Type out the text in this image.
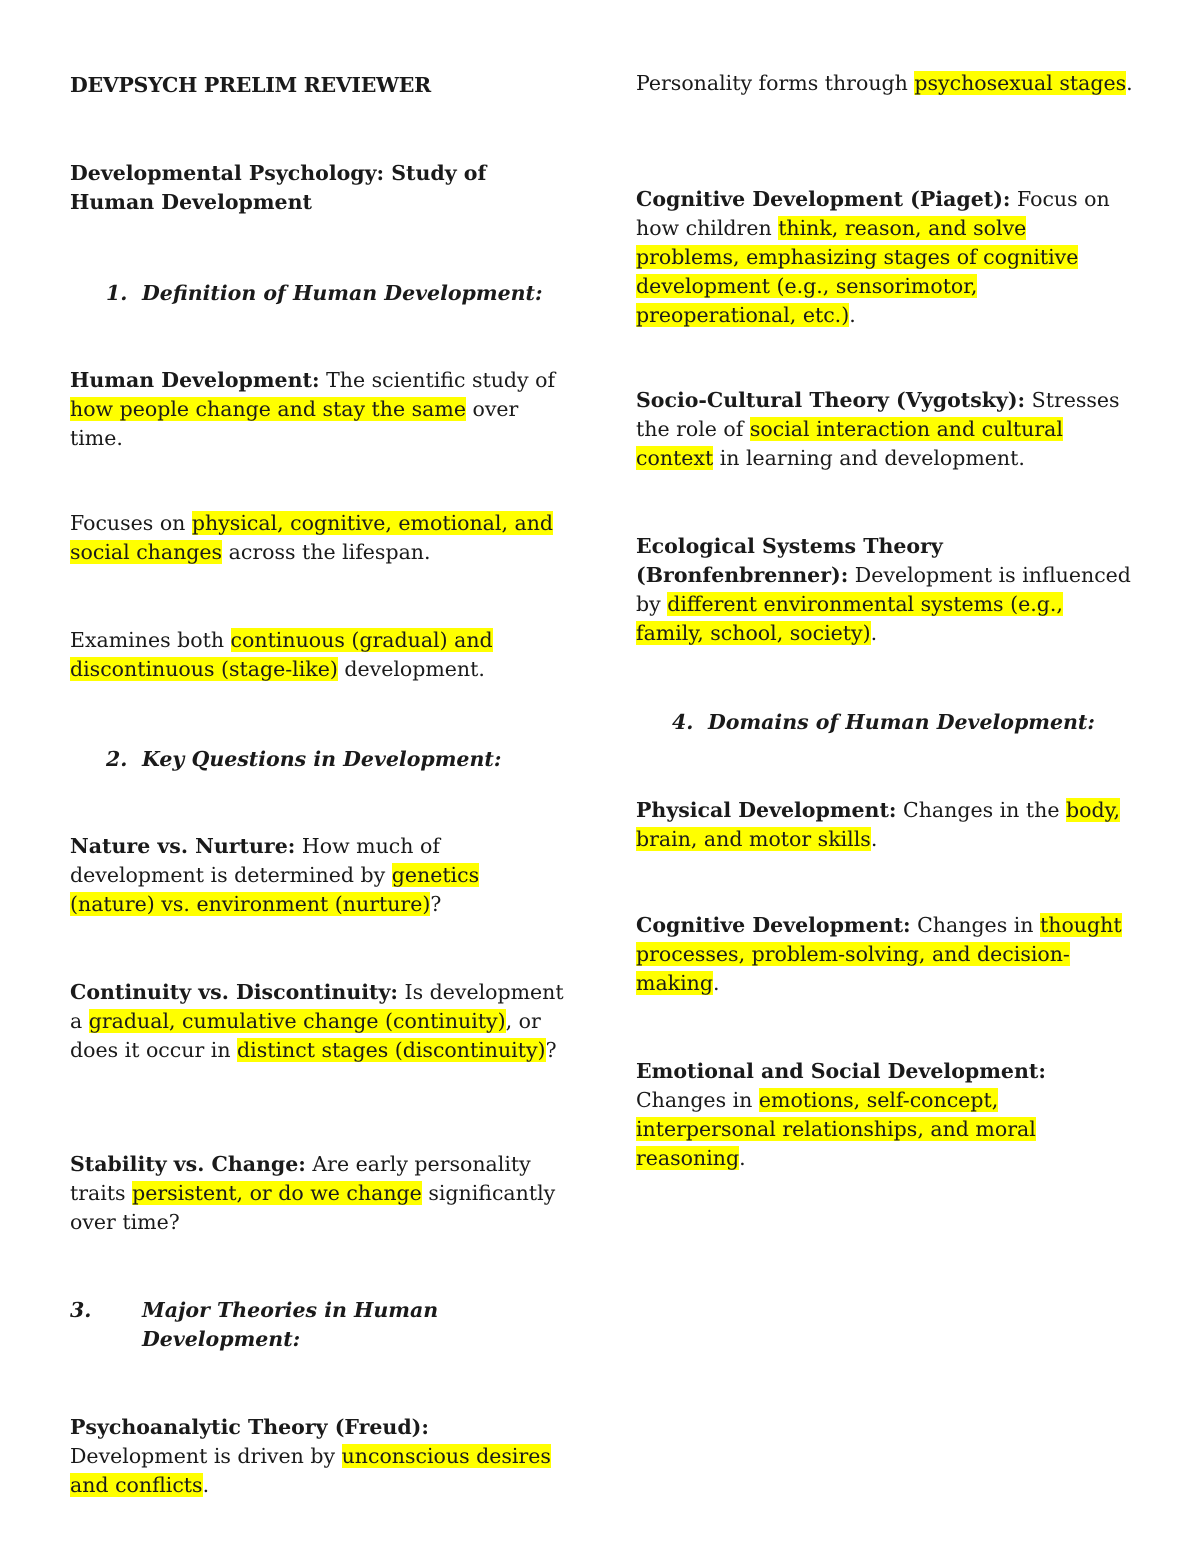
DEVPSYCH PRELIM REVIEWER

Developmental Psychology: Study of Human Development

1. Definition of Human Development:

Human Development: The scientific study of how people change and stay the same over time.

Focuses on physical, cognitive, emotional, and social changes across the lifespan.

Examines both continuous (gradual) and discontinuous (stage-like) development.

2. Key Questions in Development:

Nature vs. Nurture: How much of development is determined by genetics (nature) vs. environment (nurture)?

Continuity vs. Discontinuity: Is development a gradual, cumulative change (continuity), or does it occur in distinct stages (discontinuity)?

Stability vs. Change: Are early personality traits persistent, or do we change significantly over time?

3. Major Theories in Human Development:

Psychoanalytic Theory (Freud): Development is driven by unconscious desires and conflicts.

Personality forms through psychosexual stages.

Cognitive Development (Piaget): Focus on how children think, reason, and solve problems, emphasizing stages of cognitive development (e.g., sensorimotor, preoperational, etc.).

Socio-Cultural Theory (Vygotsky): Stresses the role of social interaction and cultural context in learning and development.

Ecological Systems Theory (Bronfenbrenner): Development is influenced by different environmental systems (e.g., family, school, society).

4. Domains of Human Development:

Physical Development: Changes in the body, brain, and motor skills.

Cognitive Development: Changes in thought processes, problem-solving, and decision-making.

Emotional and Social Development: Changes in emotions, self-concept, interpersonal relationships, and moral reasoning.
